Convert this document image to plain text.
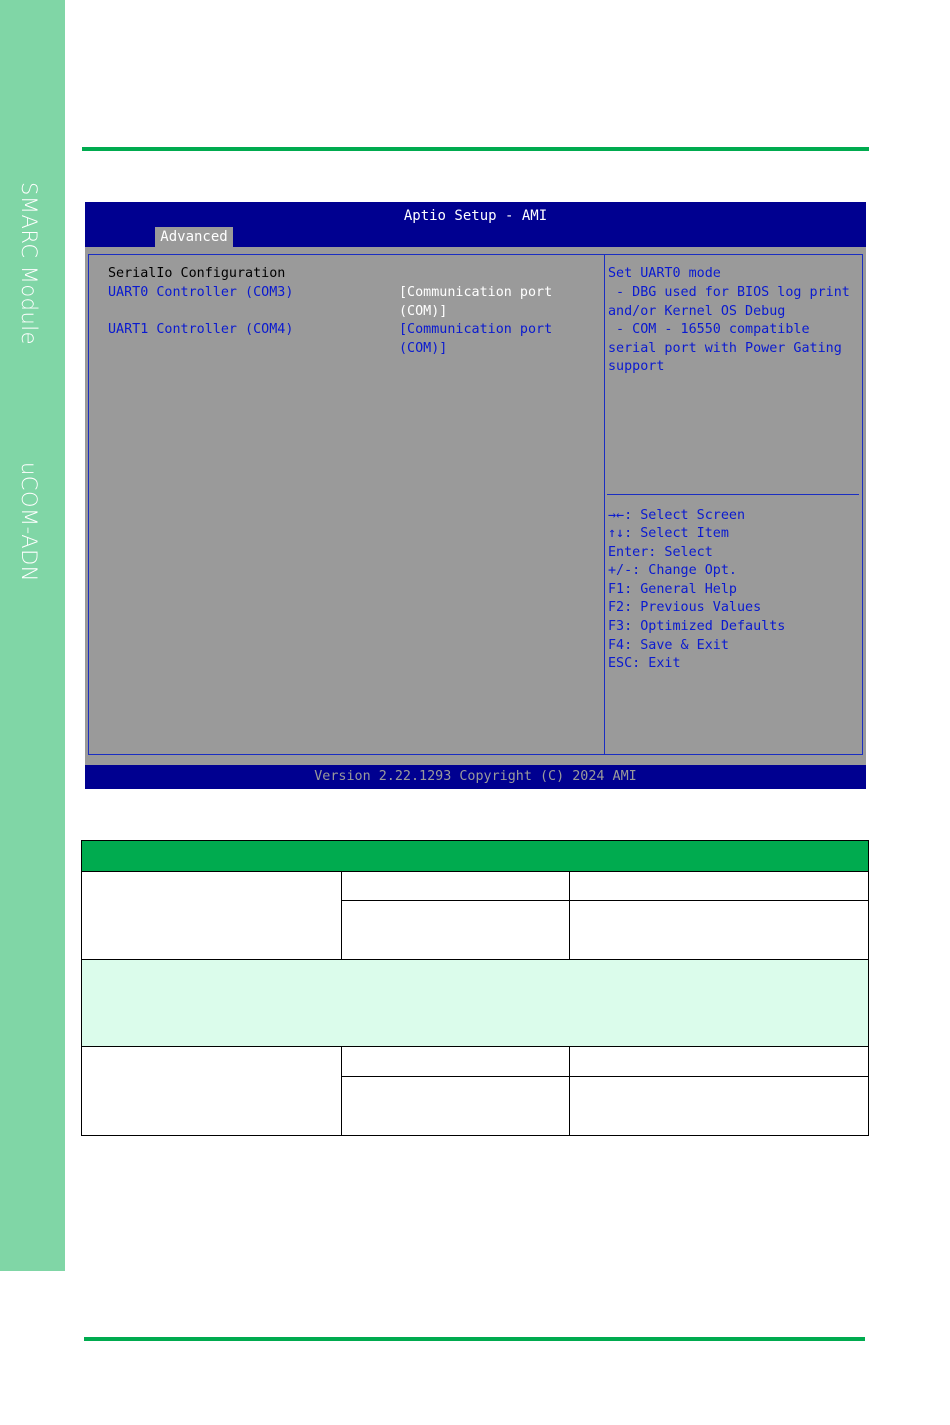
SMARC Module
uCOM-ADN
Aptio Setup - AMI
Advanced
SerialIo Configuration
UART0 Controller (COM3)	[Communication port
(COM)]
UART1 Controller (COM4)	[Communication port
(COM)]
Set UART0 mode
- DBG used for BIOS log print
and/or Kernel OS Debug
- COM - 16550 compatible
serial port with Power Gating
support
→←: Select Screen
↑↓: Select Item
Enter: Select
+/-: Change Opt.
F1: General Help
F2: Previous Values
F3: Optimized Defaults
F4: Save & Exit
ESC: Exit
Version 2.22.1293 Copyright (C) 2024 AMI
